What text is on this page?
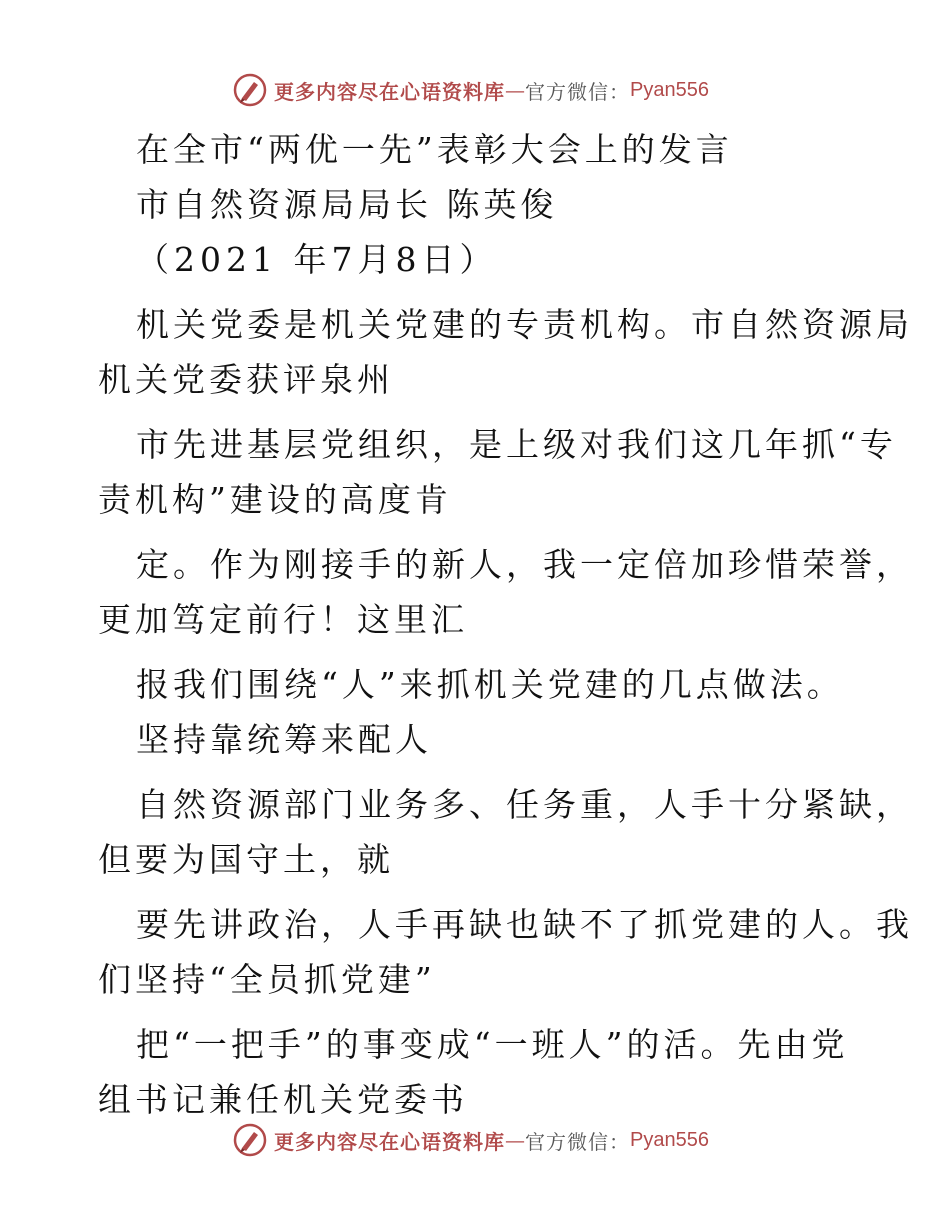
更多内容尽在心语资料库 — 官方微信： Pyan556
在全市“两优一先”表彰大会上的发言
市自然资源局局长 陈英俊
（2021 年7月8日）
机关党委是机关党建的专责机构。市自然资源局
机关党委获评泉州
市先进基层党组织，是上级对我们这几年抓“专
责机构”建设的高度肯
定。作为刚接手的新人，我一定倍加珍惜荣誉，
更加笃定前行！这里汇
报我们围绕“人”来抓机关党建的几点做法。
坚持靠统筹来配人
自然资源部门业务多、任务重，人手十分紧缺，
但要为国守土，就
要先讲政治，人手再缺也缺不了抓党建的人。我
们坚持“全员抓党建”
把“一把手”的事变成“一班人”的活。先由党
组书记兼任机关党委书
更多内容尽在心语资料库 — 官方微信： Pyan556
